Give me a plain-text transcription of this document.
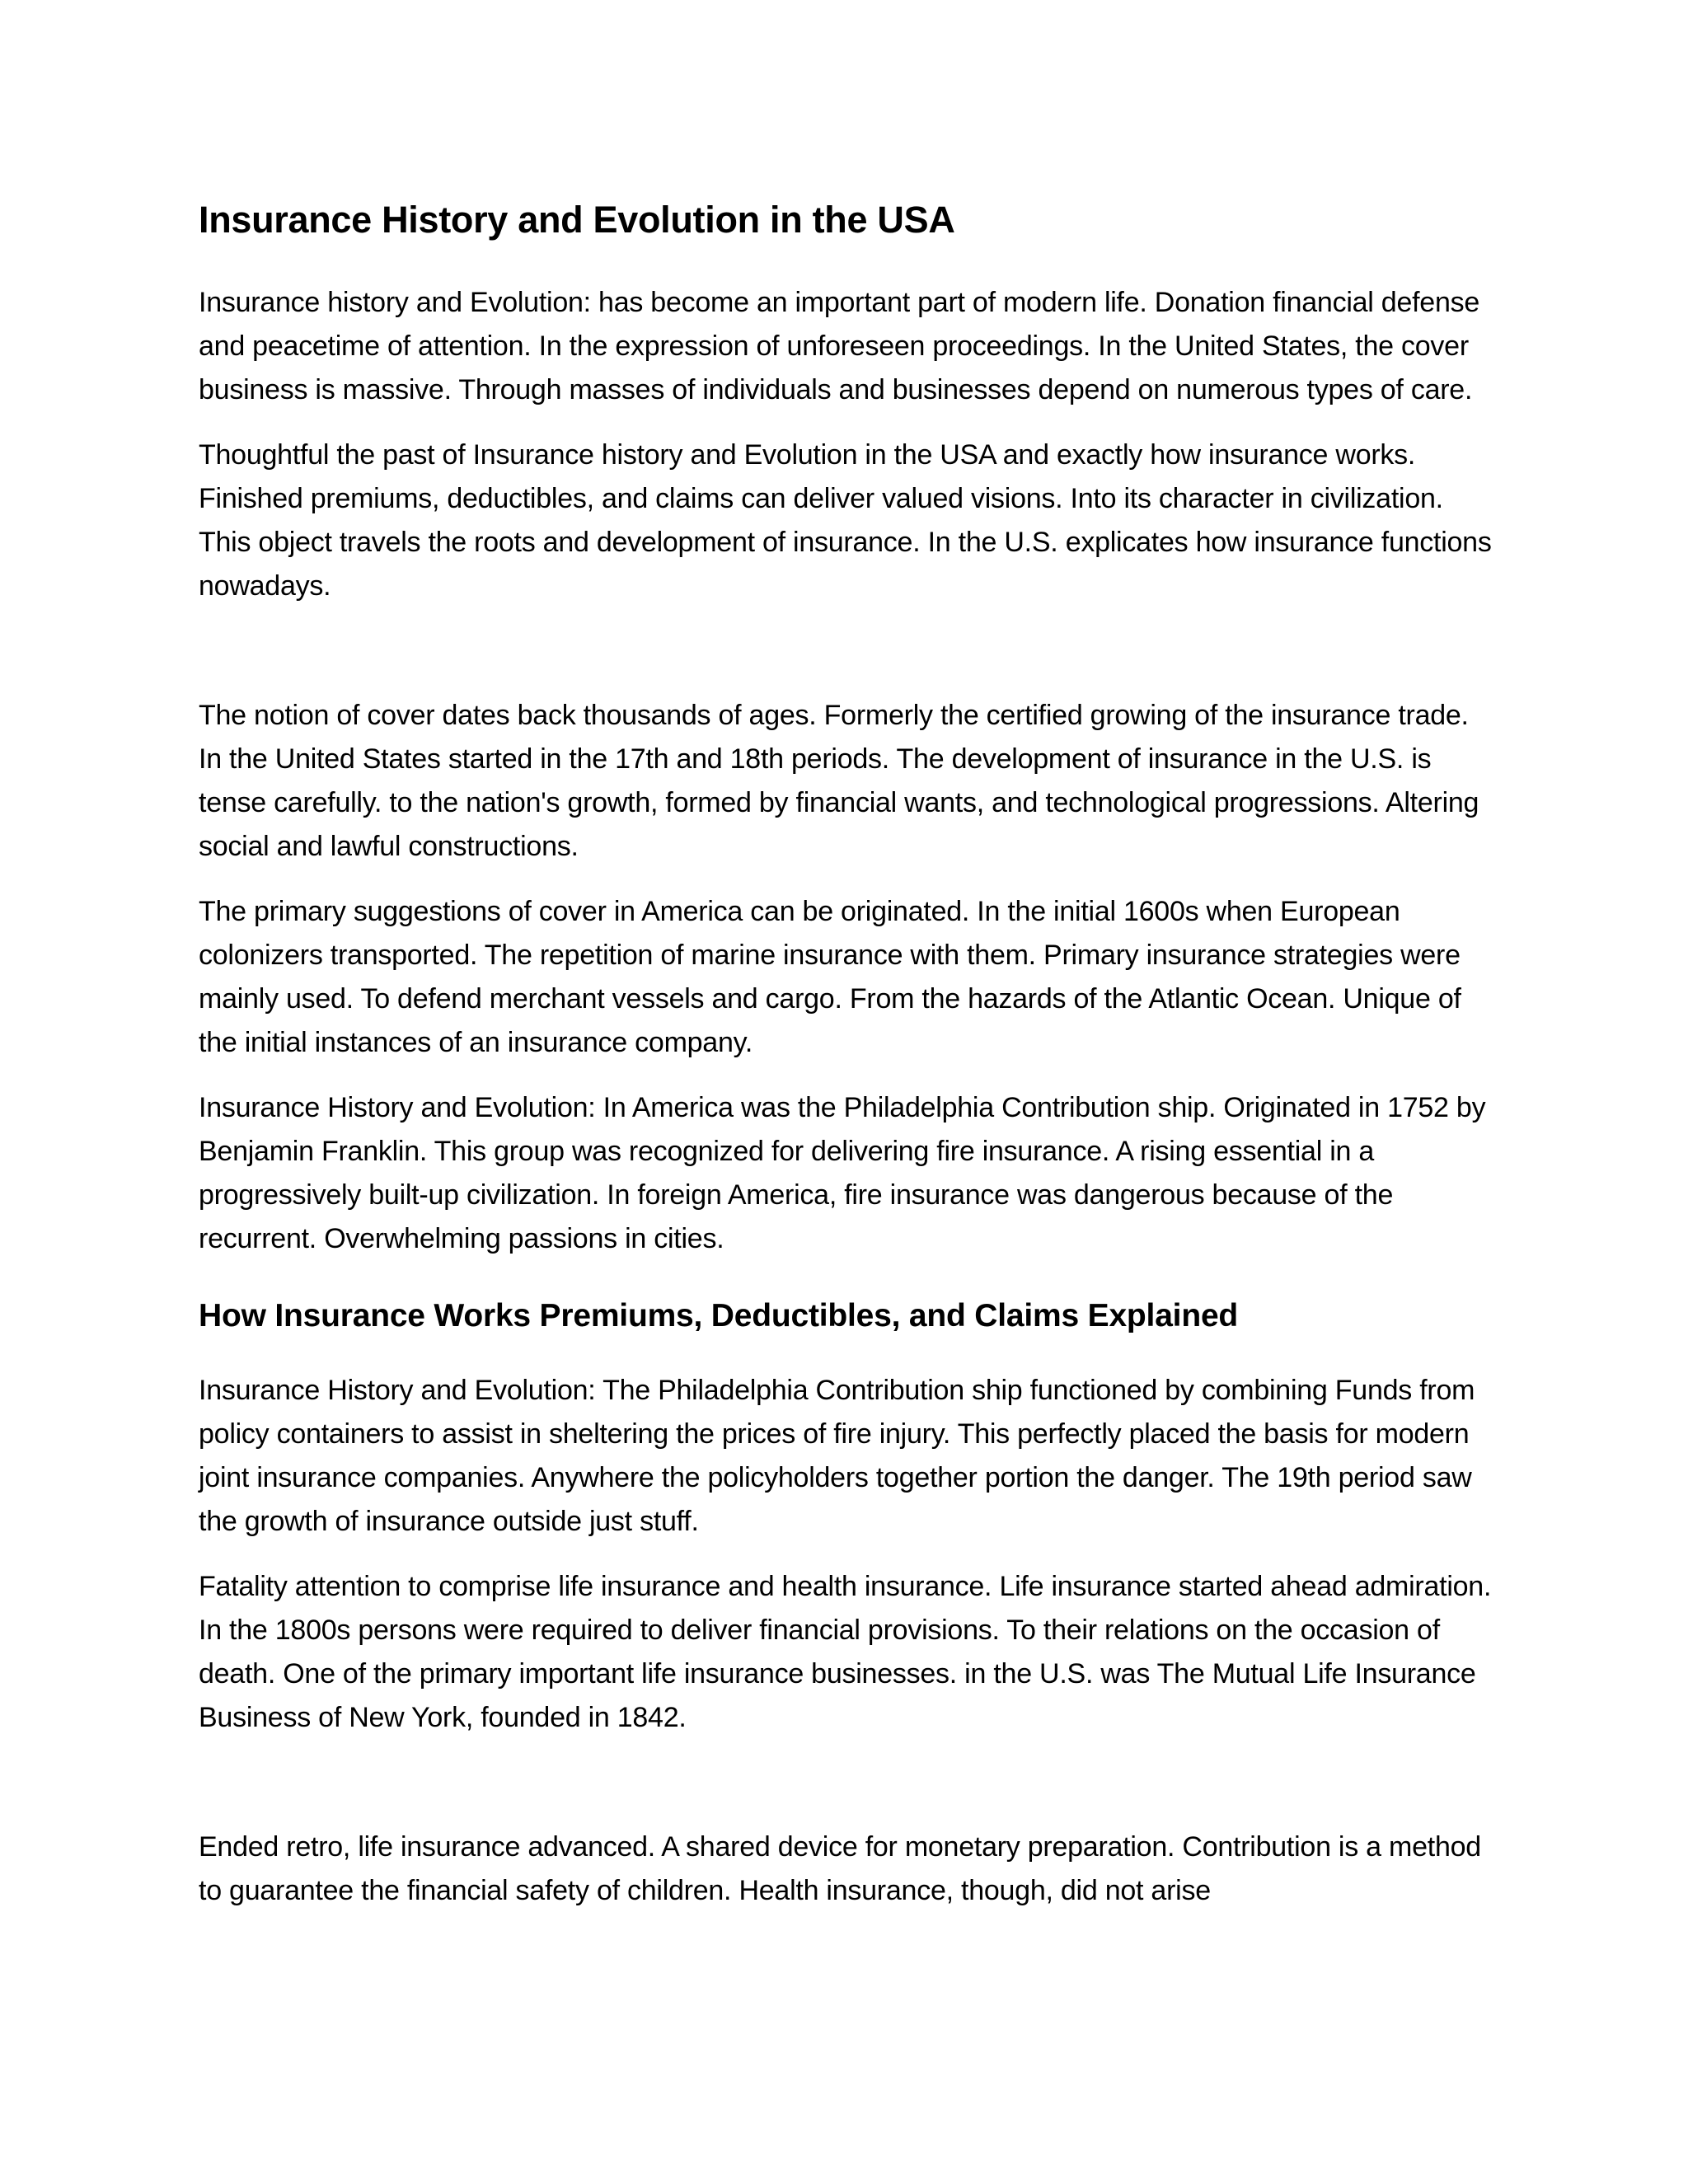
Insurance History and Evolution in the USA

Insurance history and Evolution: has become an important part of modern life. Donation financial defense and peacetime of attention. In the expression of unforeseen proceedings. In the United States, the cover business is massive. Through masses of individuals and businesses depend on numerous types of care.

Thoughtful the past of Insurance history and Evolution in the USA and exactly how insurance works. Finished premiums, deductibles, and claims can deliver valued visions. Into its character in civilization. This object travels the roots and development of insurance. In the U.S. explicates how insurance functions nowadays.

The notion of cover dates back thousands of ages. Formerly the certified growing of the insurance trade. In the United States started in the 17th and 18th periods. The development of insurance in the U.S. is tense carefully. to the nation's growth, formed by financial wants, and technological progressions. Altering social and lawful constructions.

The primary suggestions of cover in America can be originated. In the initial 1600s when European colonizers transported. The repetition of marine insurance with them. Primary insurance strategies were mainly used. To defend merchant vessels and cargo. From the hazards of the Atlantic Ocean. Unique of the initial instances of an insurance company.

Insurance History and Evolution: In America was the Philadelphia Contribution ship. Originated in 1752 by Benjamin Franklin. This group was recognized for delivering fire insurance. A rising essential in a progressively built-up civilization. In foreign America, fire insurance was dangerous because of the recurrent. Overwhelming passions in cities.

How Insurance Works Premiums, Deductibles, and Claims Explained

Insurance History and Evolution: The Philadelphia Contribution ship functioned by combining Funds from policy containers to assist in sheltering the prices of fire injury. This perfectly placed the basis for modern joint insurance companies. Anywhere the policyholders together portion the danger. The 19th period saw the growth of insurance outside just stuff.

Fatality attention to comprise life insurance and health insurance. Life insurance started ahead admiration. In the 1800s persons were required to deliver financial provisions. To their relations on the occasion of death. One of the primary important life insurance businesses. in the U.S. was The Mutual Life Insurance Business of New York, founded in 1842.

Ended retro, life insurance advanced. A shared device for monetary preparation. Contribution is a method to guarantee the financial safety of children. Health insurance, though, did not arise
